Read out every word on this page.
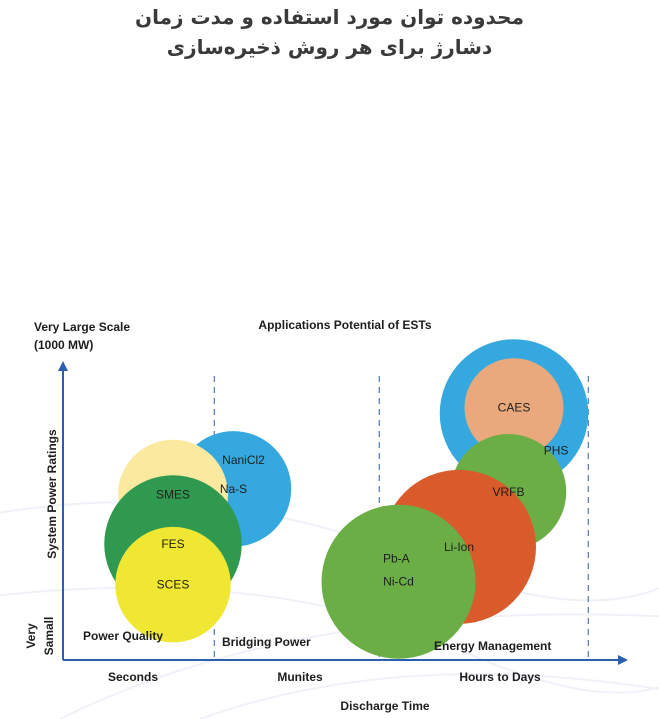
محدوده توان مورد استفاده و مدت زمان
دشارژ برای هر روش ذخیره‌سازی
Applications Potential of ESTs
Very Large Scale
(1000 MW)
System Power Ratings
Very Samall
PHS
CAES
VRFB
Li-Ion
Pb-A
Ni-Cd
NaniCl2
Na-S
SMES
FES
SCES
Power Quality	Bridging Power	Energy Management
Seconds	Munites	Hours to Days
Discharge Time
